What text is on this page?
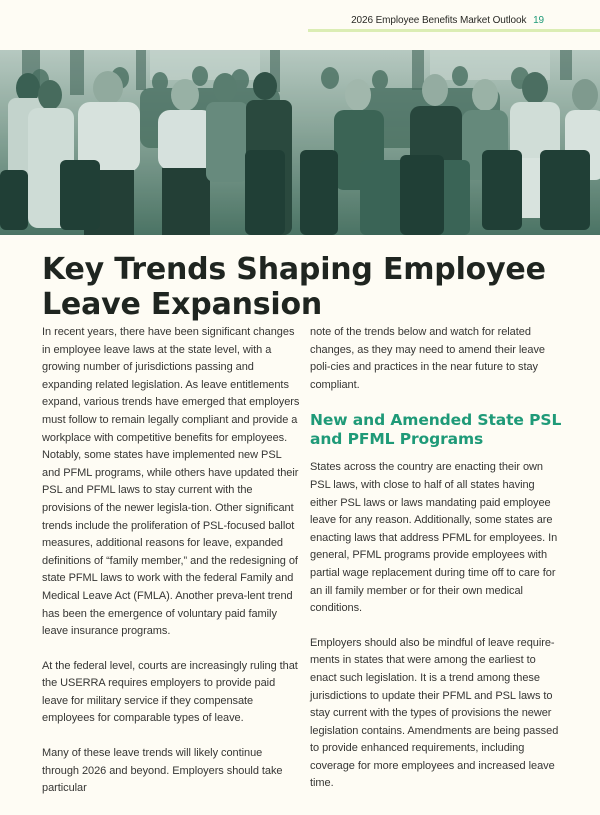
2026 Employee Benefits Market Outlook 19
Key Trends Shaping Employee
Leave Expansion

In recent years, there have been significant changes in employee leave laws at the state level, with a growing number of jurisdictions passing and expanding related legislation. As leave entitlements expand, various trends have emerged that employers must follow to remain legally compliant and provide a workplace with competitive benefits for employees. Notably, some states have implemented new PSL and PFML programs, while others have updated their PSL and PFML laws to stay current with the provisions of the newer legisla-tion. Other significant trends include the proliferation of PSL-focused ballot measures, additional reasons for leave, expanded definitions of “family member,” and the redesigning of state PFML laws to work with the federal Family and Medical Leave Act (FMLA). Another preva-lent trend has been the emergence of voluntary paid family leave insurance programs.

At the federal level, courts are increasingly ruling that the USERRA requires employers to provide paid leave for military service if they compensate employees for comparable types of leave.

Many of these leave trends will likely continue through 2026 and beyond. Employers should take particular

note of the trends below and watch for related changes, as they may need to amend their leave poli-cies and practices in the near future to stay compliant.

New and Amended State PSL and PFML Programs

States across the country are enacting their own PSL laws, with close to half of all states having either PSL laws or laws mandating paid employee leave for any reason. Additionally, some states are enacting laws that address PFML for employees. In general, PFML programs provide employees with partial wage replacement during time off to care for an ill family member or for their own medical conditions.

Employers should also be mindful of leave require-ments in states that were among the earliest to enact such legislation. It is a trend among these jurisdictions to update their PFML and PSL laws to stay current with the types of provisions the newer legislation contains. Amendments are being passed to provide enhanced requirements, including coverage for more employees and increased leave time.
